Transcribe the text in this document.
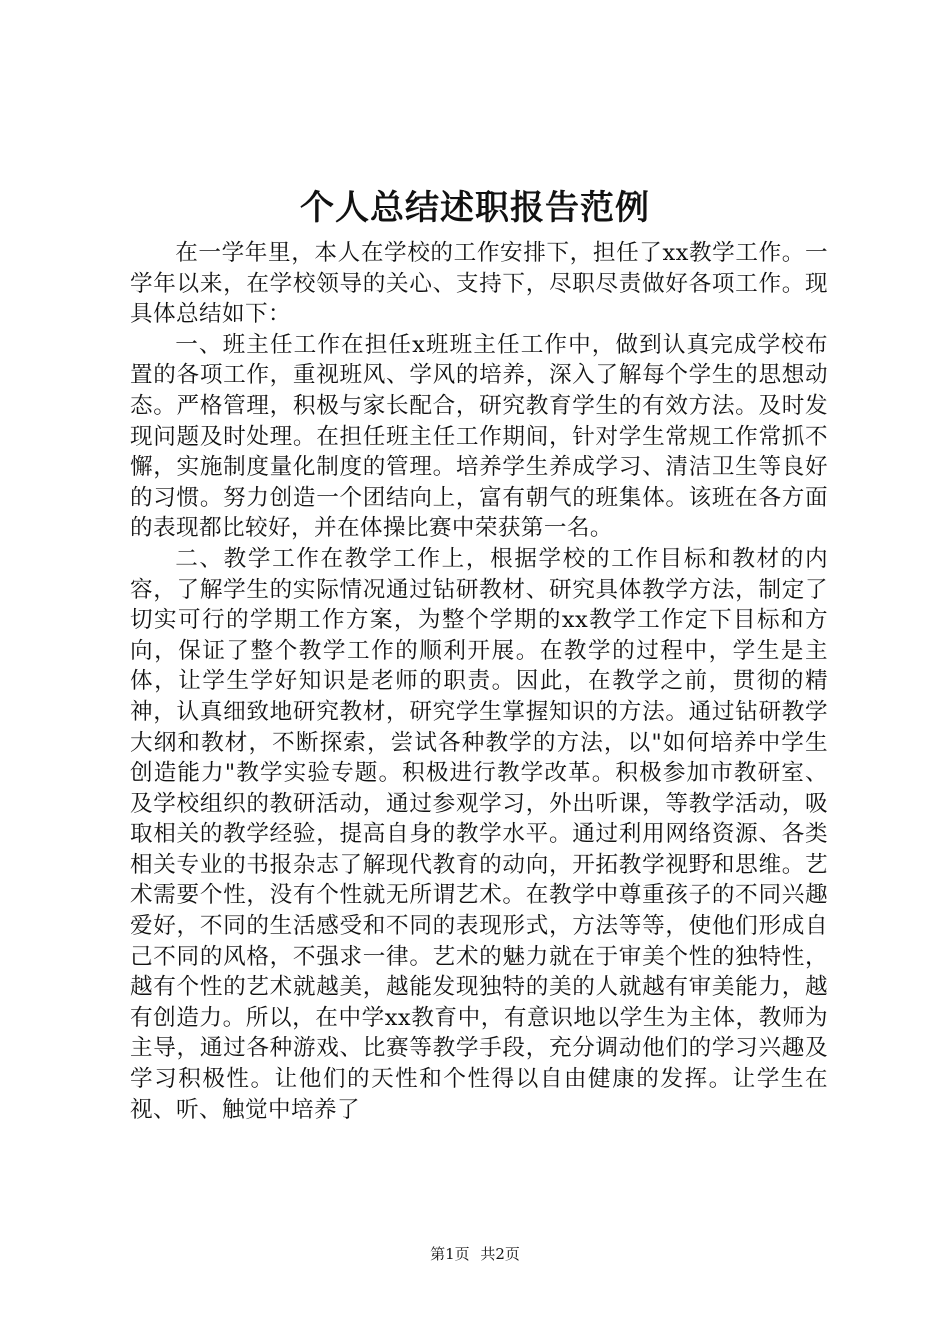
个人总结述职报告范例

在一学年里，本人在学校的工作安排下，担任了xx教学工作。一学年以来，在学校领导的关心、支持下，尽职尽责做好各项工作。现具体总结如下：

一、班主任工作在担任x班班主任工作中，做到认真完成学校布置的各项工作，重视班风、学风的培养，深入了解每个学生的思想动态。严格管理，积极与家长配合，研究教育学生的有效方法。及时发现问题及时处理。在担任班主任工作期间，针对学生常规工作常抓不懈，实施制度量化制度的管理。培养学生养成学习、清洁卫生等良好的习惯。努力创造一个团结向上，富有朝气的班集体。该班在各方面的表现都比较好，并在体操比赛中荣获第一名。

二、教学工作在教学工作上，根据学校的工作目标和教材的内容，了解学生的实际情况通过钻研教材、研究具体教学方法，制定了切实可行的学期工作方案，为整个学期的xx教学工作定下目标和方向，保证了整个教学工作的顺利开展。在教学的过程中，学生是主体，让学生学好知识是老师的职责。因此，在教学之前，贯彻的精神，认真细致地研究教材，研究学生掌握知识的方法。通过钻研教学大纲和教材，不断探索，尝试各种教学的方法，以"如何培养中学生创造能力"教学实验专题。积极进行教学改革。积极参加市教研室、及学校组织的教研活动，通过参观学习，外出听课，等教学活动，吸取相关的教学经验，提高自身的教学水平。通过利用网络资源、各类相关专业的书报杂志了解现代教育的动向，开拓教学视野和思维。艺术需要个性，没有个性就无所谓艺术。在教学中尊重孩子的不同兴趣爱好，不同的生活感受和不同的表现形式，方法等等，使他们形成自己不同的风格，不强求一律。艺术的魅力就在于审美个性的独特性，越有个性的艺术就越美，越能发现独特的美的人就越有审美能力，越有创造力。所以，在中学xx教育中，有意识地以学生为主体，教师为主导，通过各种游戏、比赛等教学手段，充分调动他们的学习兴趣及学习积极性。让他们的天性和个性得以自由健康的发挥。让学生在视、听、触觉中培养了

第1页 共2页
